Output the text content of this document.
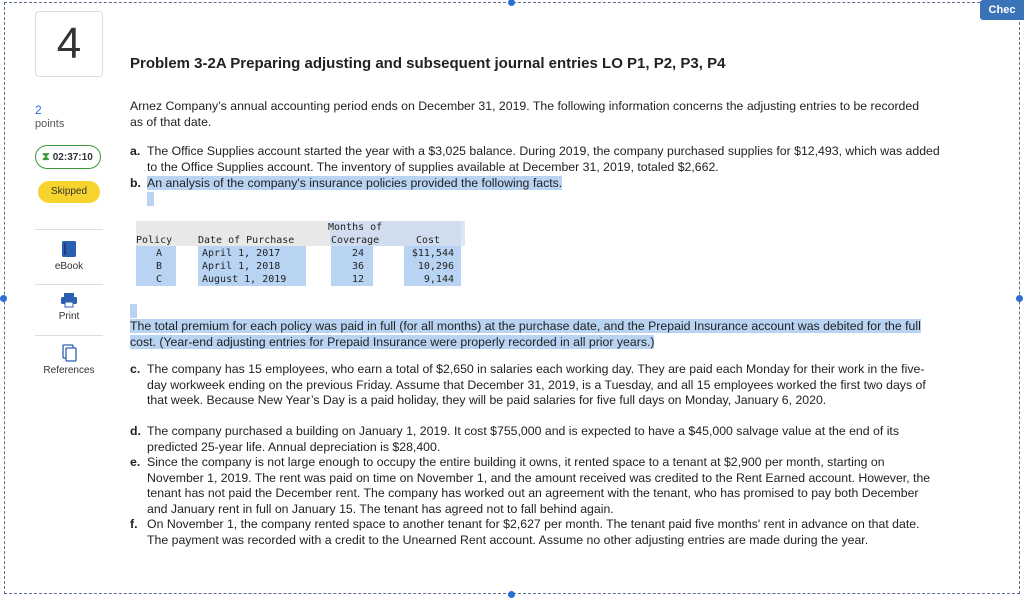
Chec
4
2
points
⧗ 02:37:10
Skipped
eBook
Print
References
Problem 3-2A Preparing adjusting and subsequent journal entries LO P1, P2, P3, P4
Arnez Company’s annual accounting period ends on December 31, 2019. The following information concerns the adjusting entries to be recorded as of that date.
a. The Office Supplies account started the year with a $3,025 balance. During 2019, the company purchased supplies for $12,493, which was added to the Office Supplies account. The inventory of supplies available at December 31, 2019, totaled $2,662.
b. An analysis of the company's insurance policies provided the following facts.
Months of
Policy	Date of Purchase	Coverage	Cost
A	April 1, 2017	24	$11,544
B	April 1, 2018	36	10,296
C	August 1, 2019	12	9,144
The total premium for each policy was paid in full (for all months) at the purchase date, and the Prepaid Insurance account was debited for the full cost. (Year-end adjusting entries for Prepaid Insurance were properly recorded in all prior years.)
c. The company has 15 employees, who earn a total of $2,650 in salaries each working day. They are paid each Monday for their work in the five-day workweek ending on the previous Friday. Assume that December 31, 2019, is a Tuesday, and all 15 employees worked the first two days of that week. Because New Year’s Day is a paid holiday, they will be paid salaries for five full days on Monday, January 6, 2020.
d. The company purchased a building on January 1, 2019. It cost $755,000 and is expected to have a $45,000 salvage value at the end of its predicted 25-year life. Annual depreciation is $28,400.
e. Since the company is not large enough to occupy the entire building it owns, it rented space to a tenant at $2,900 per month, starting on November 1, 2019. The rent was paid on time on November 1, and the amount received was credited to the Rent Earned account. However, the tenant has not paid the December rent. The company has worked out an agreement with the tenant, who has promised to pay both December and January rent in full on January 15. The tenant has agreed not to fall behind again.
f. On November 1, the company rented space to another tenant for $2,627 per month. The tenant paid five months' rent in advance on that date. The payment was recorded with a credit to the Unearned Rent account. Assume no other adjusting entries are made during the year.
